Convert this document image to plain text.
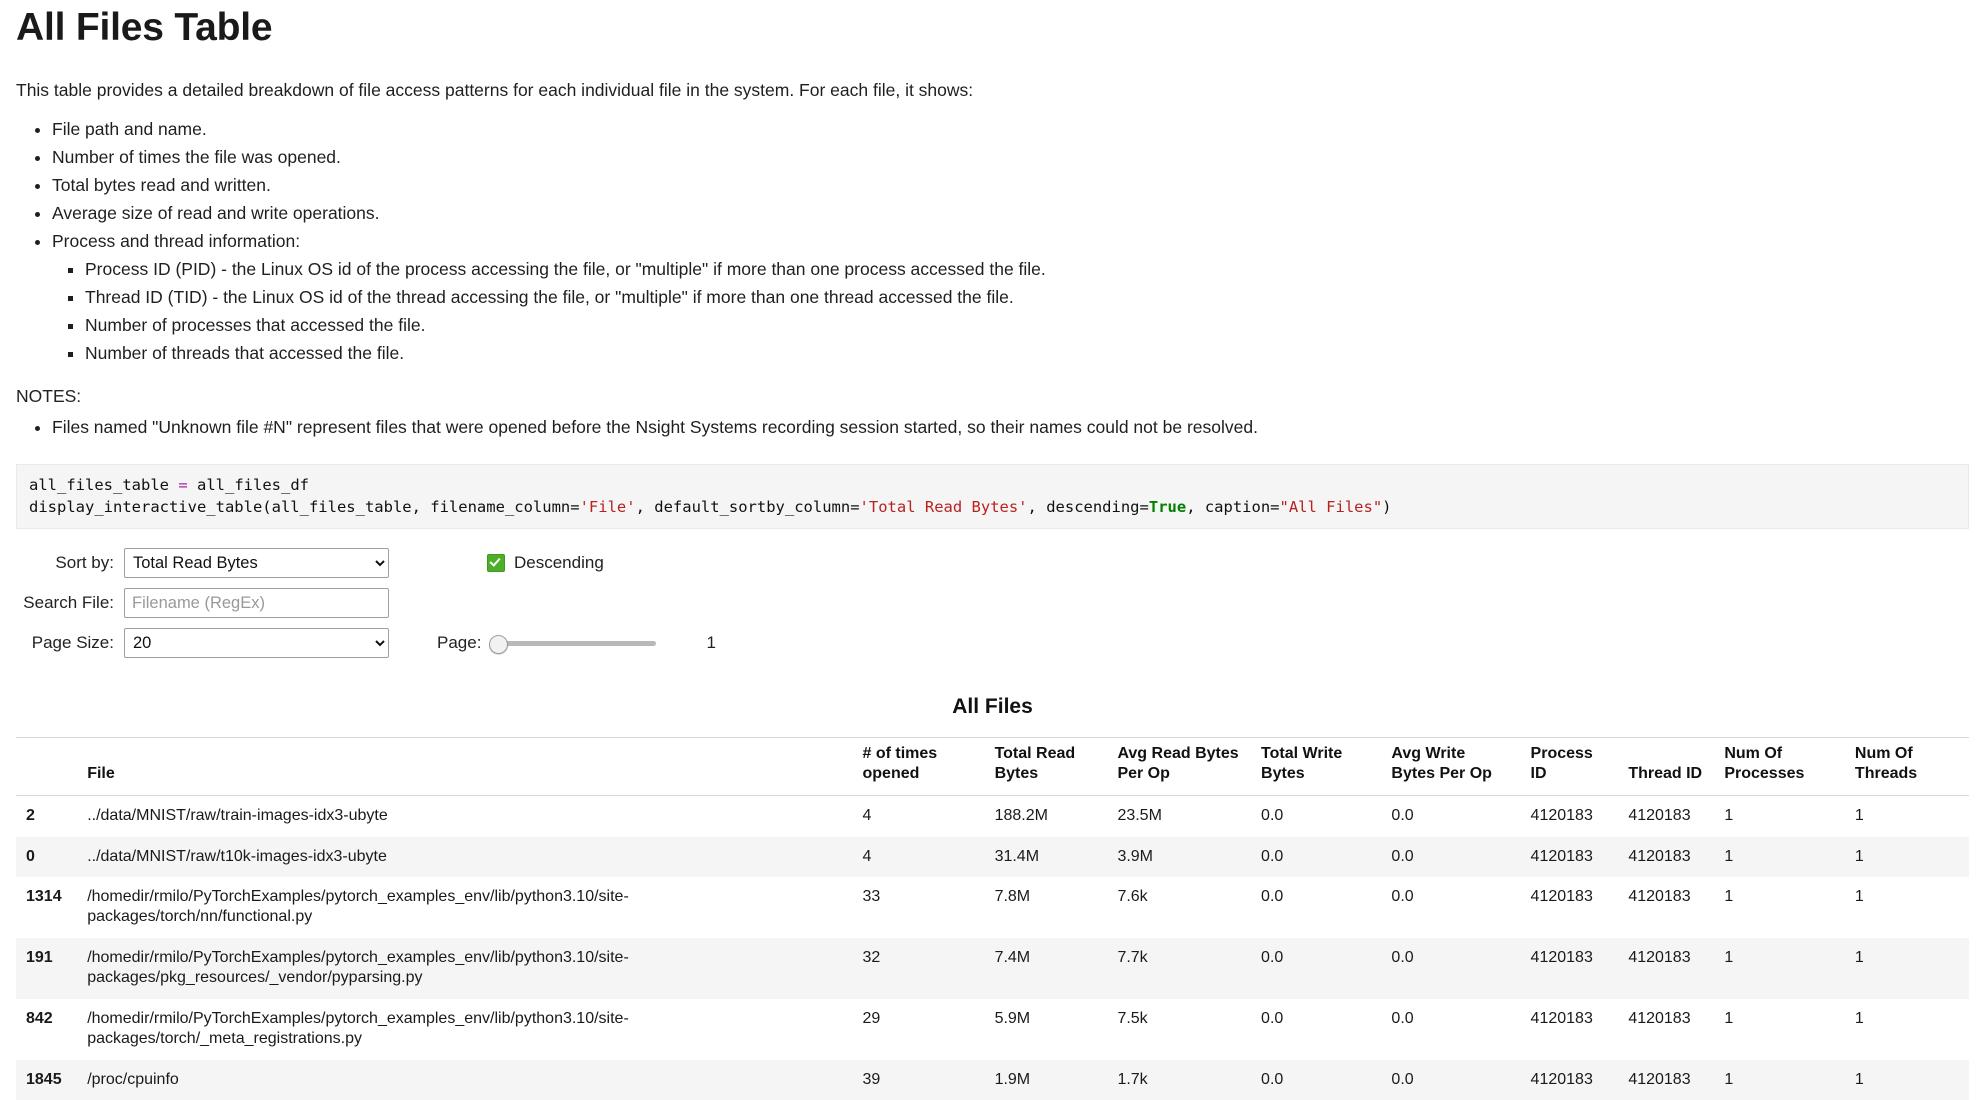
All Files Table

This table provides a detailed breakdown of file access patterns for each individual file in the system. For each file, it shows:

• File path and name.
• Number of times the file was opened.
• Total bytes read and written.
• Average size of read and write operations.
• Process and thread information:
▪ Process ID (PID) - the Linux OS id of the process accessing the file, or "multiple" if more than one process accessed the file.
▪ Thread ID (TID) - the Linux OS id of the thread accessing the file, or "multiple" if more than one thread accessed the file.
▪ Number of processes that accessed the file.
▪ Number of threads that accessed the file.

NOTES:

• Files named "Unknown file #N" represent files that were opened before the Nsight Systems recording session started, so their names could not be resolved.
all_files_table = all_files_df
display_interactive_table(all_files_table, filename_column='File', default_sortby_column='Total Read Bytes', descending=True, caption="All Files")
Sort by:
Total Read Bytes	Descending
Search File:
Filename (RegEx)
Page Size:
20	Page:	1
All Files
	File	# of times opened	Total Read Bytes	Avg Read Bytes Per Op	Total Write Bytes	Avg Write Bytes Per Op	Process ID	Thread ID	Num Of Processes	Num Of Threads
2	../data/MNIST/raw/train-images-idx3-ubyte	4	188.2M	23.5M	0.0	0.0	4120183	4120183	1	1
0	../data/MNIST/raw/t10k-images-idx3-ubyte	4	31.4M	3.9M	0.0	0.0	4120183	4120183	1	1
1314	/homedir/rmilo/PyTorchExamples/pytorch_examples_env/lib/python3.10/site-packages/torch/nn/functional.py	33	7.8M	7.6k	0.0	0.0	4120183	4120183	1	1
191	/homedir/rmilo/PyTorchExamples/pytorch_examples_env/lib/python3.10/site-packages/pkg_resources/_vendor/pyparsing.py	32	7.4M	7.7k	0.0	0.0	4120183	4120183	1	1
842	/homedir/rmilo/PyTorchExamples/pytorch_examples_env/lib/python3.10/site-packages/torch/_meta_registrations.py	29	5.9M	7.5k	0.0	0.0	4120183	4120183	1	1
1845	/proc/cpuinfo	39	1.9M	1.7k	0.0	0.0	4120183	4120183	1	1
